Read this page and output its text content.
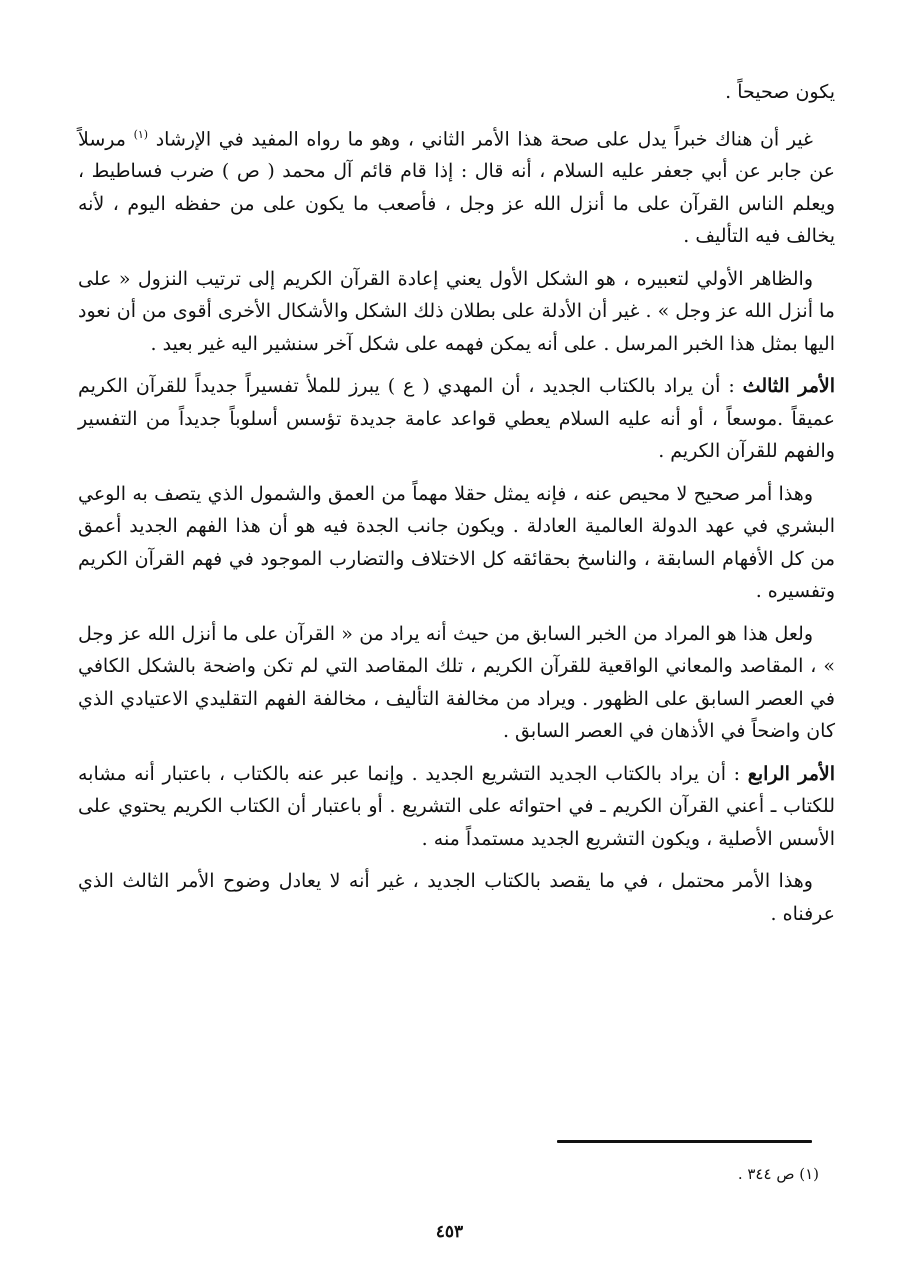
يكون صحيحاً .

غير أن هناك خبراً يدل على صحة هذا الأمر الثاني ، وهو ما رواه المفيد في الإرشاد $^{(١)}$ مرسلاً عن جابر عن أبي جعفر عليه السلام ، أنه قال : إذا قام قائم آل محمد ( ص ) ضرب فساطيط ، ويعلم الناس القرآن على ما أنزل الله عز وجل ، فأصعب ما يكون على من حفظه اليوم ، لأنه يخالف فيه التأليف .

والظاهر الأولي لتعبيره ، هو الشكل الأول يعني إعادة القرآن الكريم إلى ترتيب النزول « على ما أنزل الله عز وجل » . غير أن الأدلة على بطلان ذلك الشكل والأشكال الأخرى أقوى من أن نعود اليها بمثل هذا الخبر المرسل . على أنه يمكن فهمه على شكل آخر سنشير اليه غير بعيد .

الأمر الثالث : أن يراد بالكتاب الجديد ، أن المهدي ( ع ) يبرز للملأ تفسيراً جديداً للقرآن الكريم عميقاً .موسعاً ، أو أنه عليه السلام يعطي قواعد عامة جديدة تؤسس أسلوباً جديداً من التفسير والفهم للقرآن الكريم .

وهذا أمر صحيح لا محيص عنه ، فإنه يمثل حقلا مهماً من العمق والشمول الذي يتصف به الوعي البشري في عهد الدولة العالمية العادلة . ويكون جانب الجدة فيه هو أن هذا الفهم الجديد أعمق من كل الأفهام السابقة ، والناسخ بحقائقه كل الاختلاف والتضارب الموجود في فهم القرآن الكريم وتفسيره .

ولعل هذا هو المراد من الخبر السابق من حيث أنه يراد من « القرآن على ما أنزل الله عز وجل » ، المقاصد والمعاني الواقعية للقرآن الكريم ، تلك المقاصد التي لم تكن واضحة بالشكل الكافي في العصر السابق على الظهور . ويراد من مخالفة التأليف ، مخالفة الفهم التقليدي الاعتيادي الذي كان واضحاً في الأذهان في العصر السابق .

الأمر الرابع : أن يراد بالكتاب الجديد التشريع الجديد . وإنما عبر عنه بالكتاب ، باعتبار أنه مشابه للكتاب ـ أعني القرآن الكريم ـ في احتوائه على التشريع . أو باعتبار أن الكتاب الكريم يحتوي على الأسس الأصلية ، ويكون التشريع الجديد مستمداً منه .

وهذا الأمر محتمل ، في ما يقصد بالكتاب الجديد ، غير أنه لا يعادل وضوح الأمر الثالث الذي عرفناه .

(١) ص ٣٤٤ .
٤٥٣
